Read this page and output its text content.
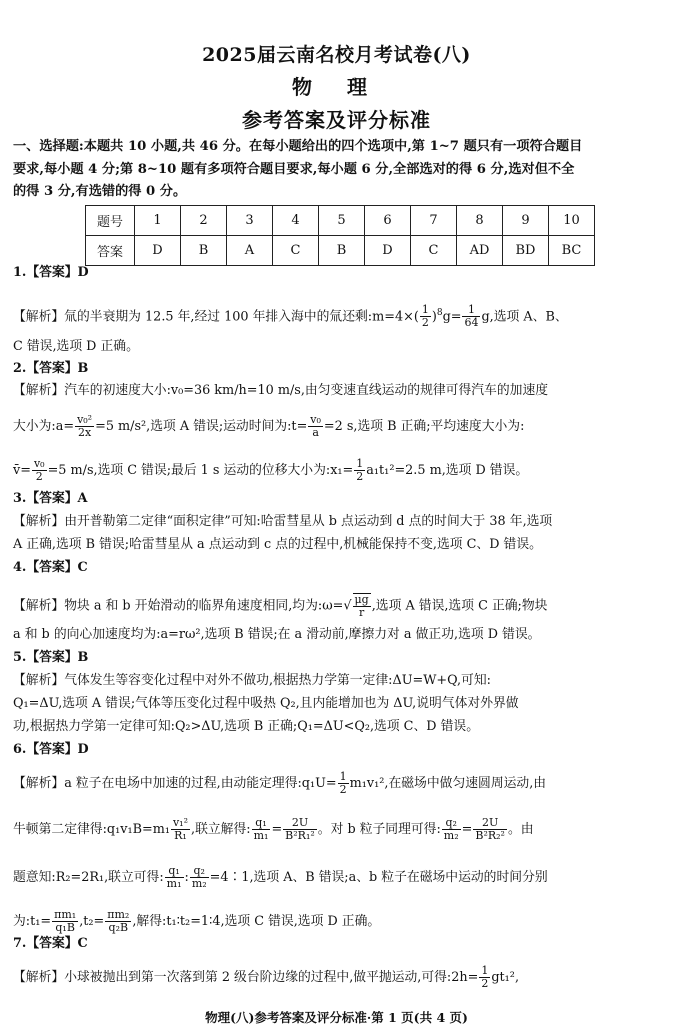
2025届云南名校月考试卷(八)
物 理
参考答案及评分标准
一、选择题:本题共 10 小题,共 46 分。在每小题给出的四个选项中,第 1~7 题只有一项符合题目
要求,每小题 4 分;第 8~10 题有多项符合题目要求,每小题 6 分,全部选对的得 6 分,选对但不全
的得 3 分,有选错的得 0 分。
题号	1	2	3	4	5	6	7	8	9	10
答案	D	B	A	C	B	D	C	AD	BD	BC
1.【答案】D
【解析】氚的半衰期为 12.5 年,经过 100 年排入海中的氚还剩:m=4×( $\frac{1}{2} )^8g= \frac{1}{64} g$,选项 A、B、
C 错误,选项 D 正确。
2.【答案】B
【解析】汽车的初速度大小:v₀=36 km/h=10 m/s,由匀变速直线运动的规律可得汽车的加速度
大小为:a= $\frac{\text{v₀²}}{2x} =5$ m/s²,选项 A 错误;运动时间为:t= $\frac{\text{v₀}}{a} =2$ s,选项 B 正确;平均速度大小为:
v̄= $\frac{\text{v₀}}{2} =5$ m/s,选项 C 错误;最后 1 s 运动的位移大小为:x₁= $\frac{1}{2} a_1t_1^2=2.5$ m,选项 D 错误。
3.【答案】A
【解析】由开普勒第二定律“面积定律”可知:哈雷彗星从 b 点运动到 d 点的时间大于 38 年,选项
A 正确,选项 B 错误;哈雷彗星从 a 点运动到 c 点的过程中,机械能保持不变,选项 C、D 错误。
4.【答案】C
【解析】物块 a 和 b 开始滑动的临界角速度相同,均为:ω=√ $\frac{\mu g}{r}$ ,选项 A 错误,选项 C 正确;物块
a 和 b 的向心加速度均为:a=rω²,选项 B 错误;在 a 滑动前,摩擦力对 a 做正功,选项 D 错误。
5.【答案】B
【解析】气体发生等容变化过程中对外不做功,根据热力学第一定律:ΔU=W+Q,可知:
Q₁=ΔU,选项 A 错误;气体等压变化过程中吸热 Q₂,且内能增加也为 ΔU,说明气体对外界做
功,根据热力学第一定律可知:Q₂>ΔU,选项 B 正确;Q₁=ΔU<Q₂,选项 C、D 错误。
6.【答案】D
【解析】a 粒子在电场中加速的过程,由动能定理得:q₁U= $\frac{1}{2} m_1v_1^2$,在磁场中做匀速圆周运动,由
牛顿第二定律得:q₁v₁B=m₁ $\frac{\text{v₁²}}{\text{R₁}}$ ,联立解得: $\frac{\text{q₁}}{\text{m₁}} = \frac{2U}{\text{B²R₁²}}$ 。对 b 粒子同理可得: $\frac{\text{q₂}}{\text{m₂}} = \frac{2U}{\text{B²R₂²}}$ 。由
题意知:R₂=2R₁,联立可得: $\frac{\text{q₁}}{\text{m₁}}$ : $\frac{\text{q₂}}{\text{m₂}}$ =4∶1,选项 A、B 错误;a、b 粒子在磁场中运动的时间分别
为:t₁= $\frac{\text{πm₁}}{\text{q₁B}} ,t_2= \frac{\text{πm₂}}{\text{q₂B}}$ ,解得:t₁∶t₂=1∶4,选项 C 错误,选项 D 正确。
7.【答案】C
【解析】小球被抛出到第一次落到第 2 级台阶边缘的过程中,做平抛运动,可得:2h= $\frac{1}{2} gt_1^2$,
物理(八)参考答案及评分标准·第 1 页(共 4 页)
